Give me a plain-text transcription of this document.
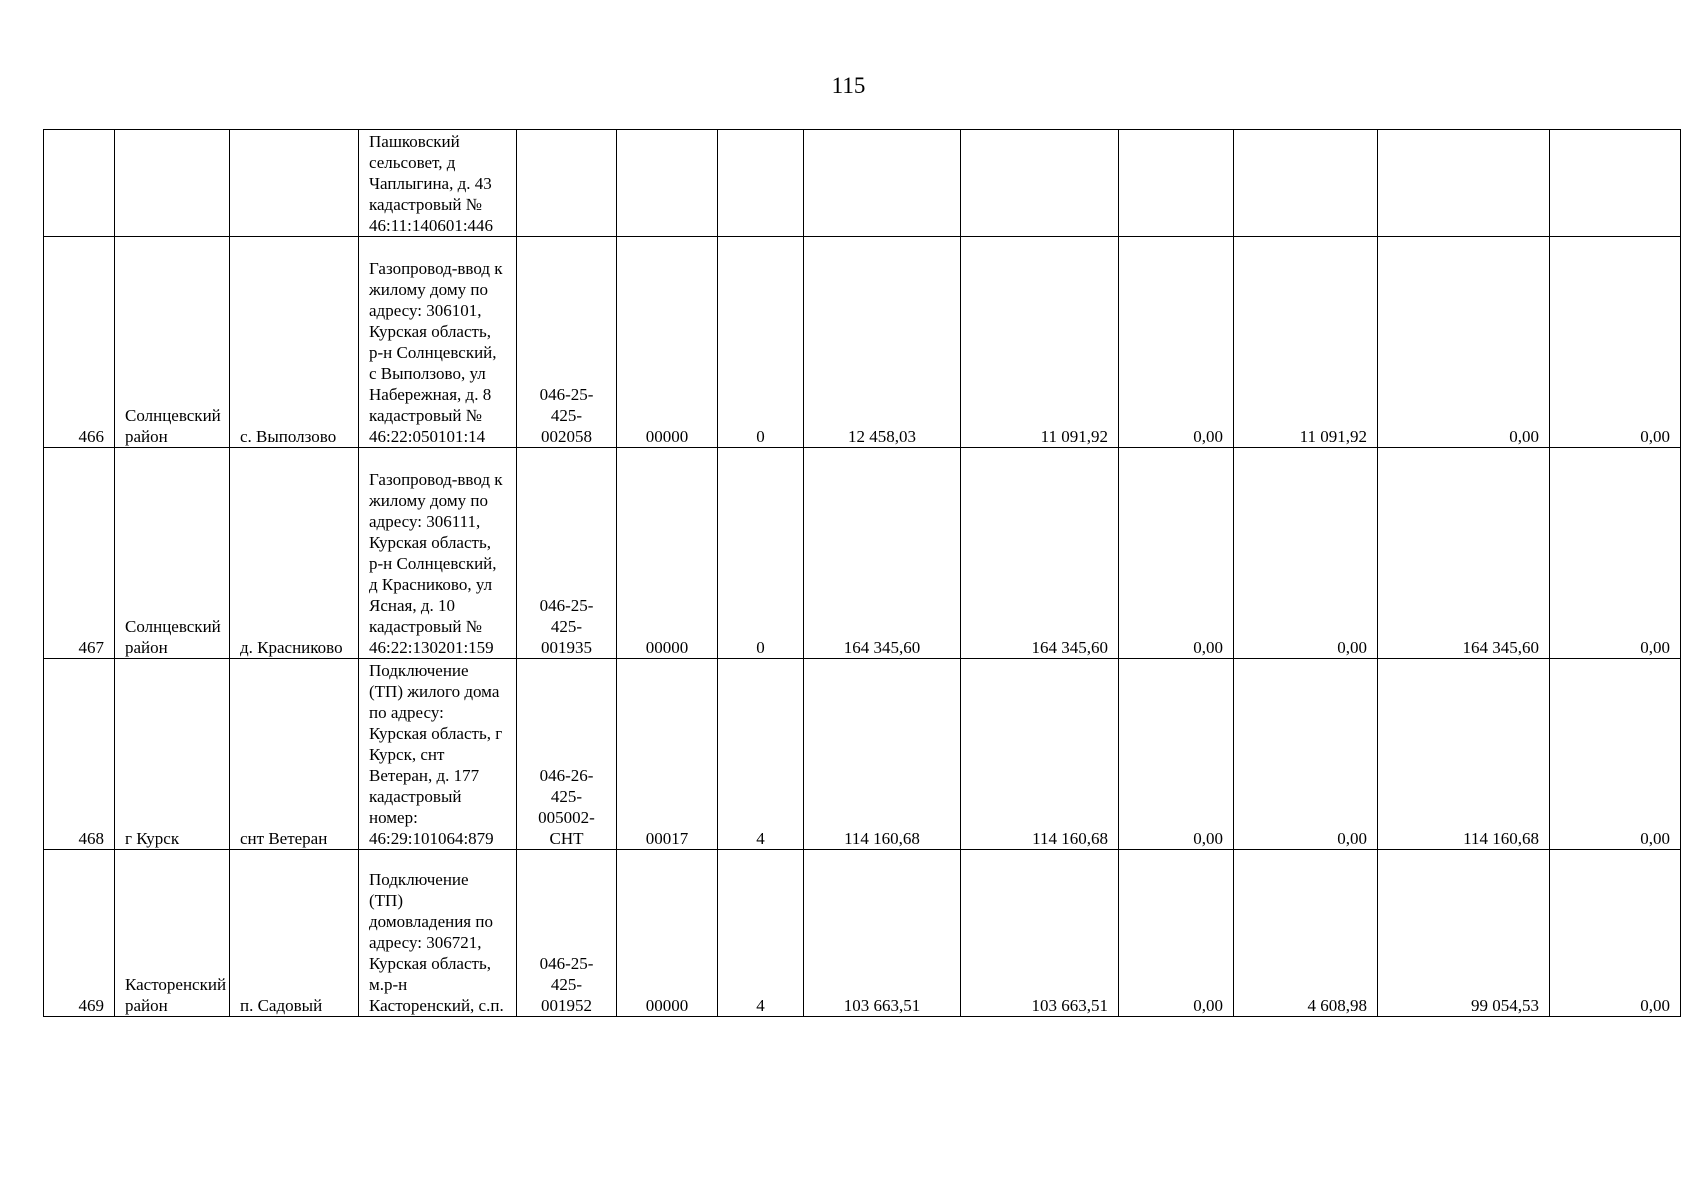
115
			Пашковский сельсовет, д Чаплыгина, д. 43 кадастровый № 46:11:140601:446									
466	Солнцевский район	с. Выползово	Газопровод-ввод к жилому дому по адресу: 306101, Курская область, р-н Солнцевский, с Выползово, ул Набережная, д. 8 кадастровый № 46:22:050101:14	046-25-425-002058	00000	0	12 458,03	11 091,92	0,00	11 091,92	0,00	0,00
467	Солнцевский район	д. Красниково	Газопровод-ввод к жилому дому по адресу: 306111, Курская область, р-н Солнцевский, д Красниково, ул Ясная, д. 10 кадастровый № 46:22:130201:159	046-25-425-001935	00000	0	164 345,60	164 345,60	0,00	0,00	164 345,60	0,00
468	г Курск	снт Ветеран	Подключение (ТП) жилого дома по адресу: Курская область, г Курск, снт Ветеран, д. 177 кадастровый номер: 46:29:101064:879	046-26-425-005002-СНТ	00017	4	114 160,68	114 160,68	0,00	0,00	114 160,68	0,00
469	Касторенский район	п. Садовый	Подключение (ТП) домовладения по адресу: 306721, Курская область, м.р-н Касторенский, с.п.	046-25-425-001952	00000	4	103 663,51	103 663,51	0,00	4 608,98	99 054,53	0,00
